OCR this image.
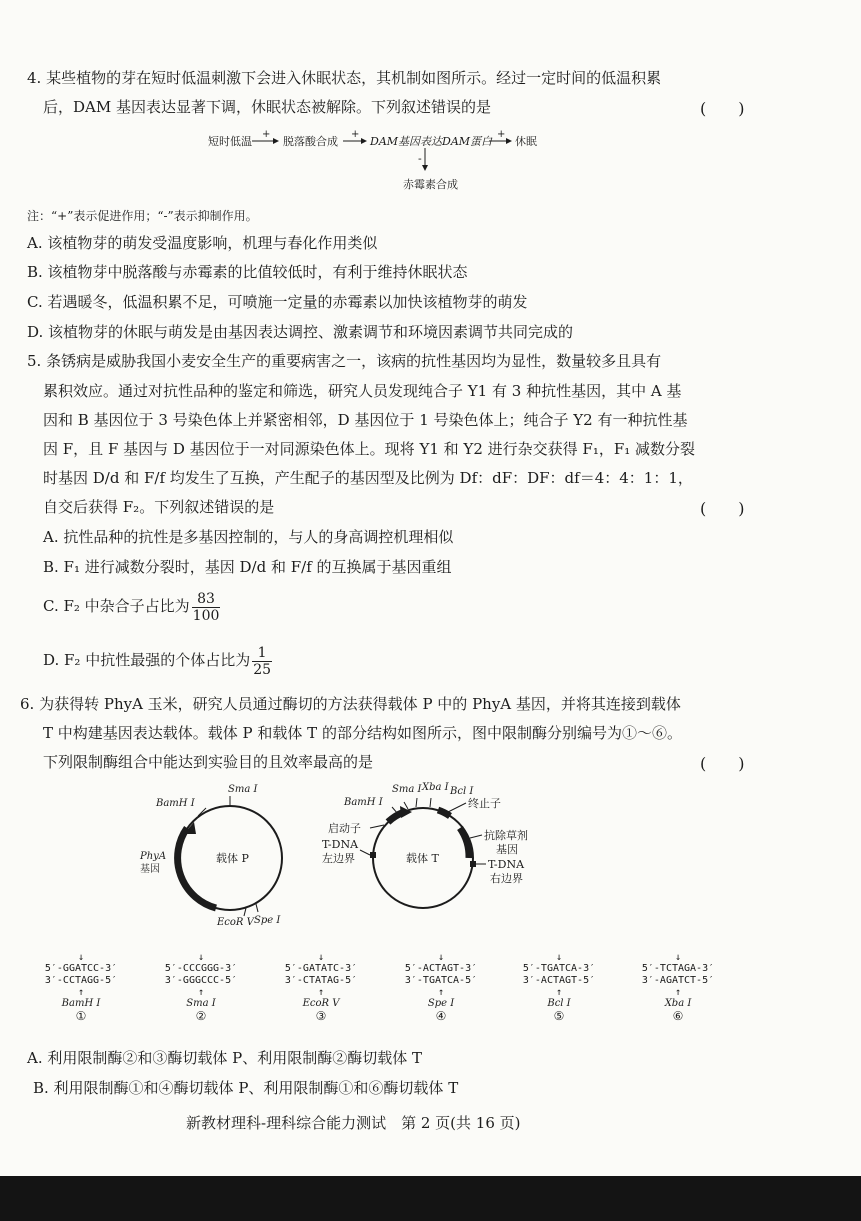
4. 某些植物的芽在短时低温刺激下会进入休眠状态，其机制如图所示。经过一定时间的低温积累
后，DAM 基因表达显著下调，休眠状态被解除。下列叙述错误的是	(　　)
短时低温
+
脱落酸合成
+
DAM基因表达DAM蛋白
+
休眠
-
赤霉素合成
注：“+”表示促进作用；“-”表示抑制作用。
A. 该植物芽的萌发受温度影响，机理与春化作用类似
B. 该植物芽中脱落酸与赤霉素的比值较低时，有利于维持休眠状态
C. 若遇暖冬，低温积累不足，可喷施一定量的赤霉素以加快该植物芽的萌发
D. 该植物芽的休眠与萌发是由基因表达调控、激素调节和环境因素调节共同完成的
5. 条锈病是威胁我国小麦安全生产的重要病害之一，该病的抗性基因均为显性，数量较多且具有
累积效应。通过对抗性品种的鉴定和筛选，研究人员发现纯合子 Y1 有 3 种抗性基因，其中 A 基
因和 B 基因位于 3 号染色体上并紧密相邻，D 基因位于 1 号染色体上；纯合子 Y2 有一种抗性基
因 F，且 F 基因与 D 基因位于一对同源染色体上。现将 Y1 和 Y2 进行杂交获得 F₁，F₁ 减数分裂
时基因 D/d 和 F/f 均发生了互换，产生配子的基因型及比例为 Df：dF：DF：df＝4：4：1：1，
自交后获得 F₂。下列叙述错误的是	(　　)
A. 抗性品种的抗性是多基因控制的，与人的身高调控机理相似
B. F₁ 进行减数分裂时，基因 D/d 和 F/f 的互换属于基因重组
C. F₂ 中杂合子占比为 $\frac{83}{100}$
D. F₂ 中抗性最强的个体占比为 $\frac{1}{25}$
6. 为获得转 PhyA 玉米，研究人员通过酶切的方法获得载体 P 中的 PhyA 基因，并将其连接到载体
T 中构建基因表达载体。载体 P 和载体 T 的部分结构如图所示，图中限制酶分别编号为①～⑥。
下列限制酶组合中能达到实验目的且效率最高的是	(　　)
Sma I
BamH I
载体 P
PhyA
基因
EcoR V Spe I
Sma I Xba I Bcl I
BamH I	终止子
启动子
T-DNA
左边界	载体 T
抗除草剂
基因
T-DNA
右边界
↓
5′-GGATCC-3′
3′-CCTAGG-5′
↑
BamH I
①
↓
5′-CCCGGG-3′
3′-GGGCCC-5′
↑
Sma I
②
↓
5′-GATATC-3′
3′-CTATAG-5′
↑
EcoR V
③
↓
5′-ACTAGT-3′
3′-TGATCA-5′
↑
Spe I
④
↓
5′-TGATCA-3′
3′-ACTAGT-5′
↑
Bcl I
⑤
↓
5′-TCTAGA-3′
3′-AGATCT-5′
↑
Xba I
⑥
A. 利用限制酶②和③酶切载体 P、利用限制酶②酶切载体 T
B. 利用限制酶①和④酶切载体 P、利用限制酶①和⑥酶切载体 T
新教材理科-理科综合能力测试　第 2 页(共 16 页)
